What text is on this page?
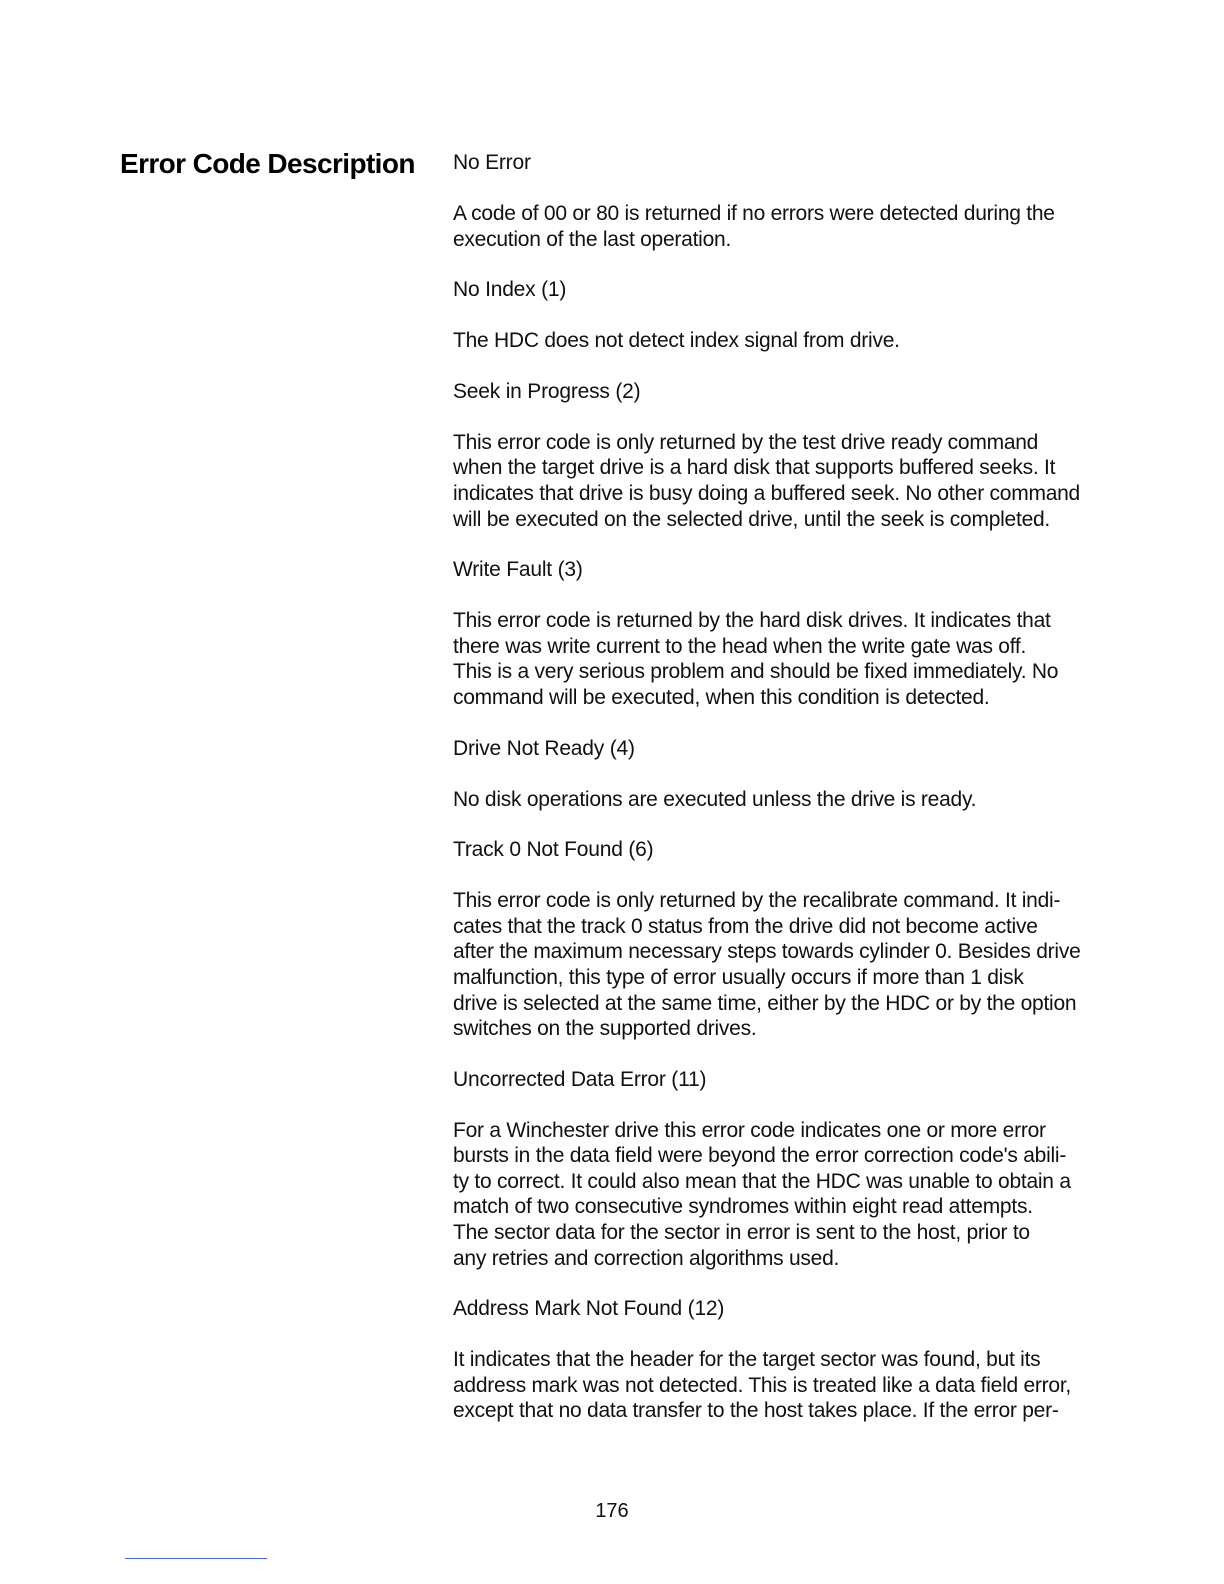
Error Code Description	No Error

A code of 00 or 80 is returned if no errors were detected during the
execution of the last operation.

No Index (1)

The HDC does not detect index signal from drive.

Seek in Progress (2)

This error code is only returned by the test drive ready command
when the target drive is a hard disk that supports buffered seeks. It
indicates that drive is busy doing a buffered seek. No other command
will be executed on the selected drive, until the seek is completed.

Write Fault (3)

This error code is returned by the hard disk drives. It indicates that
there was write current to the head when the write gate was off.
This is a very serious problem and should be fixed immediately. No
command will be executed, when this condition is detected.

Drive Not Ready (4)

No disk operations are executed unless the drive is ready.

Track 0 Not Found (6)

This error code is only returned by the recalibrate command. It indi-
cates that the track 0 status from the drive did not become active
after the maximum necessary steps towards cylinder 0. Besides drive
malfunction, this type of error usually occurs if more than 1 disk
drive is selected at the same time, either by the HDC or by the option
switches on the supported drives.

Uncorrected Data Error (11)

For a Winchester drive this error code indicates one or more error
bursts in the data field were beyond the error correction code's abili-
ty to correct. It could also mean that the HDC was unable to obtain a
match of two consecutive syndromes within eight read attempts.
The sector data for the sector in error is sent to the host, prior to
any retries and correction algorithms used.

Address Mark Not Found (12)

It indicates that the header for the target sector was found, but its
address mark was not detected. This is treated like a data field error,
except that no data transfer to the host takes place. If the error per-

176
